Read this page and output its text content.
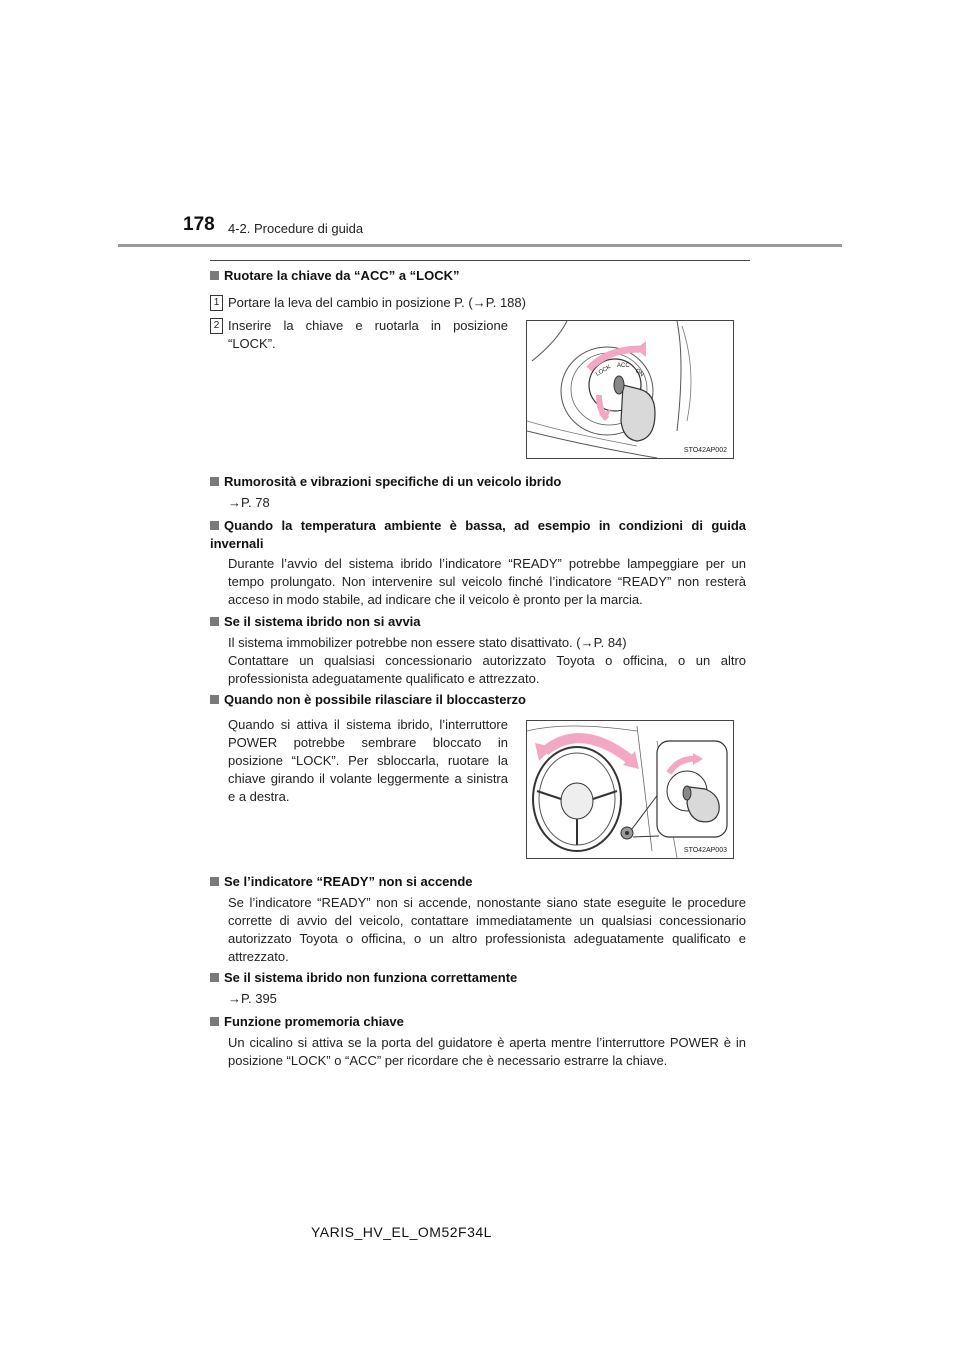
178 4-2. Procedure di guida
Ruotare la chiave da “ACC” a “LOCK”
1 Portare la leva del cambio in posizione P. (→P. 188)
2 Inserire la chiave e ruotarla in posizione “LOCK”.
LOCK ACC
ON
STO42AP002
Rumorosità e vibrazioni specifiche di un veicolo ibrido
→P. 78
Quando la temperatura ambiente è bassa, ad esempio in condizioni di guida invernali
Durante l’avvio del sistema ibrido l’indicatore “READY” potrebbe lampeggiare per un tempo prolungato. Non intervenire sul veicolo finché l’indicatore “READY” non resterà acceso in modo stabile, ad indicare che il veicolo è pronto per la marcia.
Se il sistema ibrido non si avvia
Il sistema immobilizer potrebbe non essere stato disattivato. (→P. 84)
Contattare un qualsiasi concessionario autorizzato Toyota o officina, o un altro professionista adeguatamente qualificato e attrezzato.
Quando non è possibile rilasciare il bloccasterzo
Quando si attiva il sistema ibrido, l’interruttore POWER potrebbe sembrare bloccato in posizione “LOCK”. Per sbloccarla, ruotare la chiave girando il volante leggermente a sinistra e a destra.
STO42AP003
Se l’indicatore “READY” non si accende
Se l’indicatore “READY” non si accende, nonostante siano state eseguite le procedure corrette di avvio del veicolo, contattare immediatamente un qualsiasi concessionario autorizzato Toyota o officina, o un altro professionista adeguatamente qualificato e attrezzato.
Se il sistema ibrido non funziona correttamente
→P. 395
Funzione promemoria chiave
Un cicalino si attiva se la porta del guidatore è aperta mentre l’interruttore POWER è in posizione “LOCK” o “ACC” per ricordare che è necessario estrarre la chiave.
YARIS_HV_EL_OM52F34L
